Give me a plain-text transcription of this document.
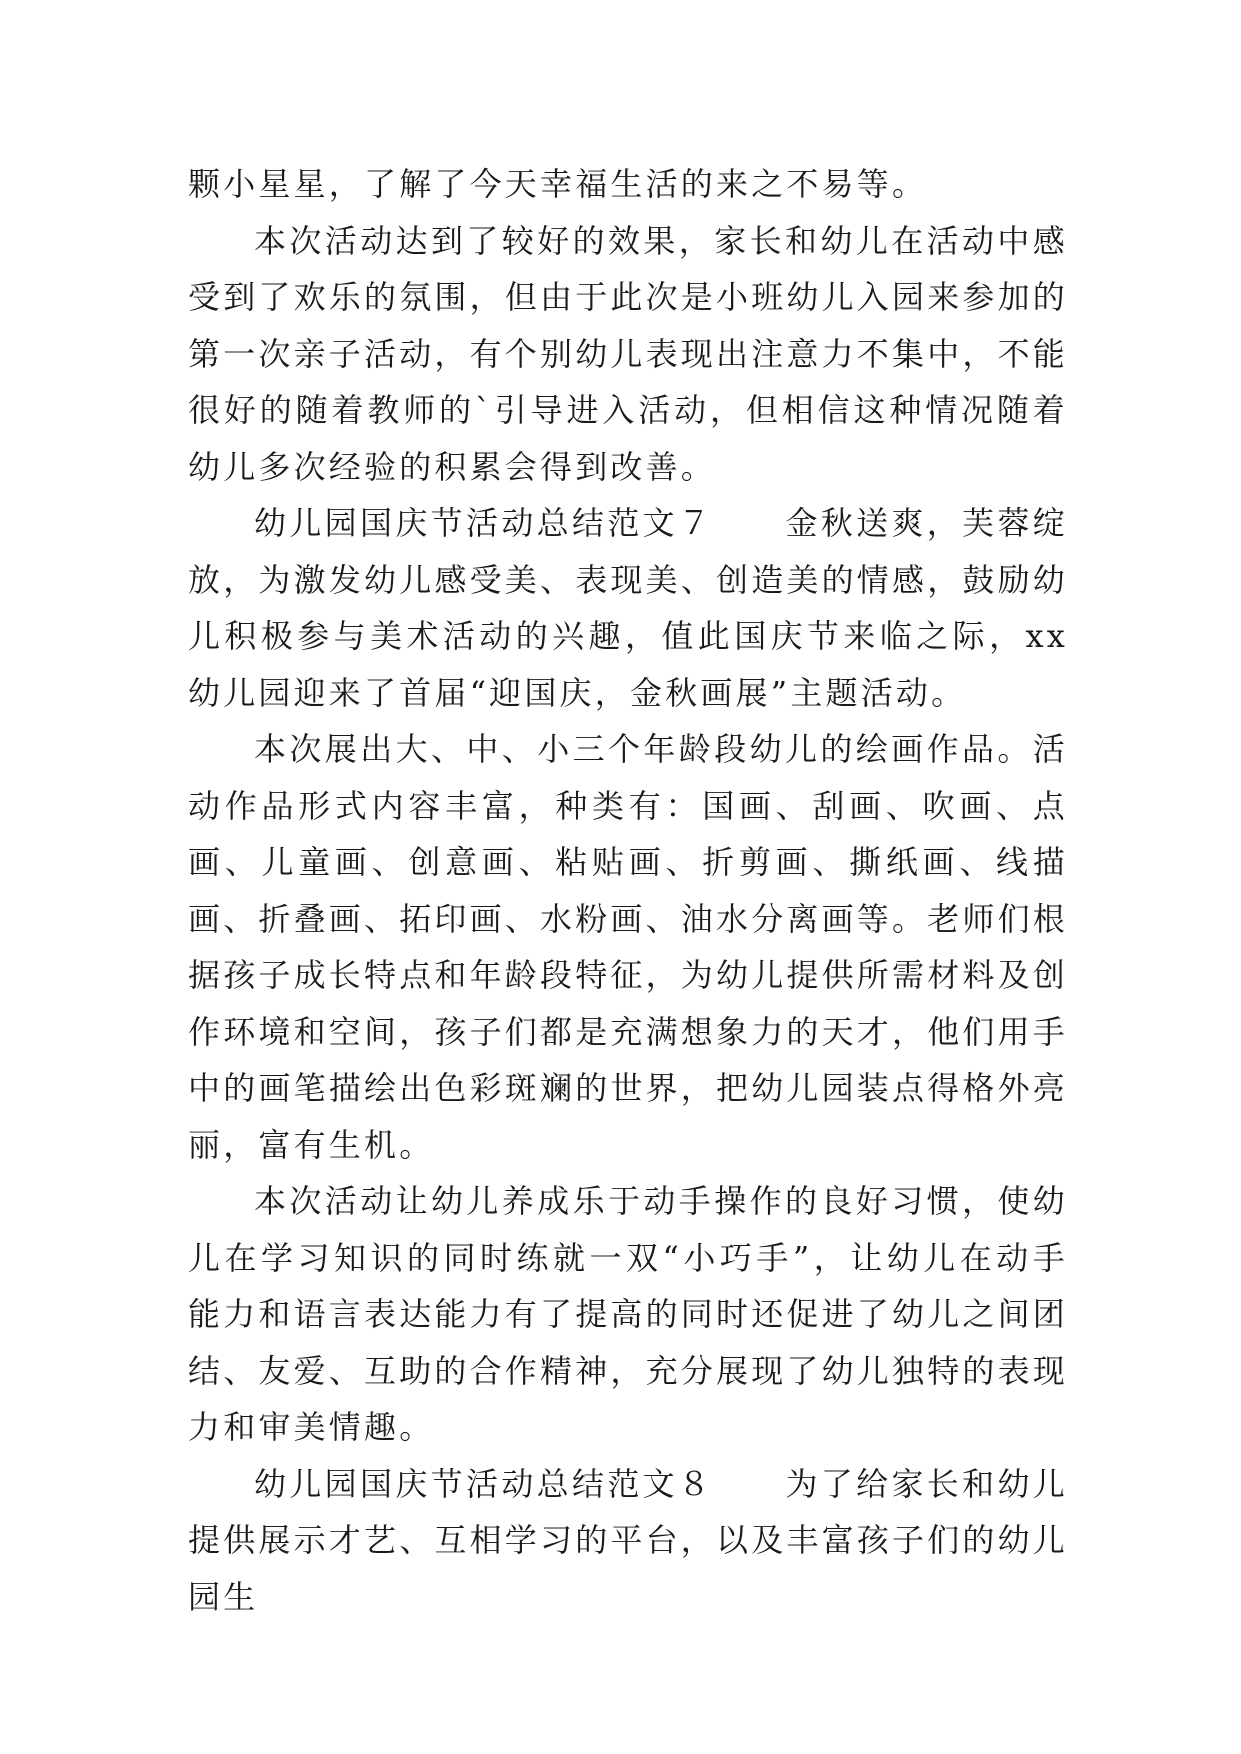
颗小星星，了解了今天幸福生活的来之不易等。

本次活动达到了较好的效果，家长和幼儿在活动中感受到了欢乐的氛围，但由于此次是小班幼儿入园来参加的第一次亲子活动，有个别幼儿表现出注意力不集中，不能很好的随着教师的`引导进入活动，但相信这种情况随着幼儿多次经验的积累会得到改善。

幼儿园国庆节活动总结范文７ 金秋送爽，芙蓉绽放，为激发幼儿感受美、表现美、创造美的情感，鼓励幼儿积极参与美术活动的兴趣，值此国庆节来临之际，xx幼儿园迎来了首届“迎国庆，金秋画展”主题活动。

本次展出大、中、小三个年龄段幼儿的绘画作品。活动作品形式内容丰富，种类有：国画、刮画、吹画、点画、儿童画、创意画、粘贴画、折剪画、撕纸画、线描画、折叠画、拓印画、水粉画、油水分离画等。老师们根据孩子成长特点和年龄段特征，为幼儿提供所需材料及创作环境和空间，孩子们都是充满想象力的天才，他们用手中的画笔描绘出色彩斑斓的世界，把幼儿园装点得格外亮丽，富有生机。

本次活动让幼儿养成乐于动手操作的良好习惯，使幼儿在学习知识的同时练就一双“小巧手”，让幼儿在动手能力和语言表达能力有了提高的同时还促进了幼儿之间团结、友爱、互助的合作精神，充分展现了幼儿独特的表现力和审美情趣。

幼儿园国庆节活动总结范文８ 为了给家长和幼儿提供展示才艺、互相学习的平台，以及丰富孩子们的幼儿园生
